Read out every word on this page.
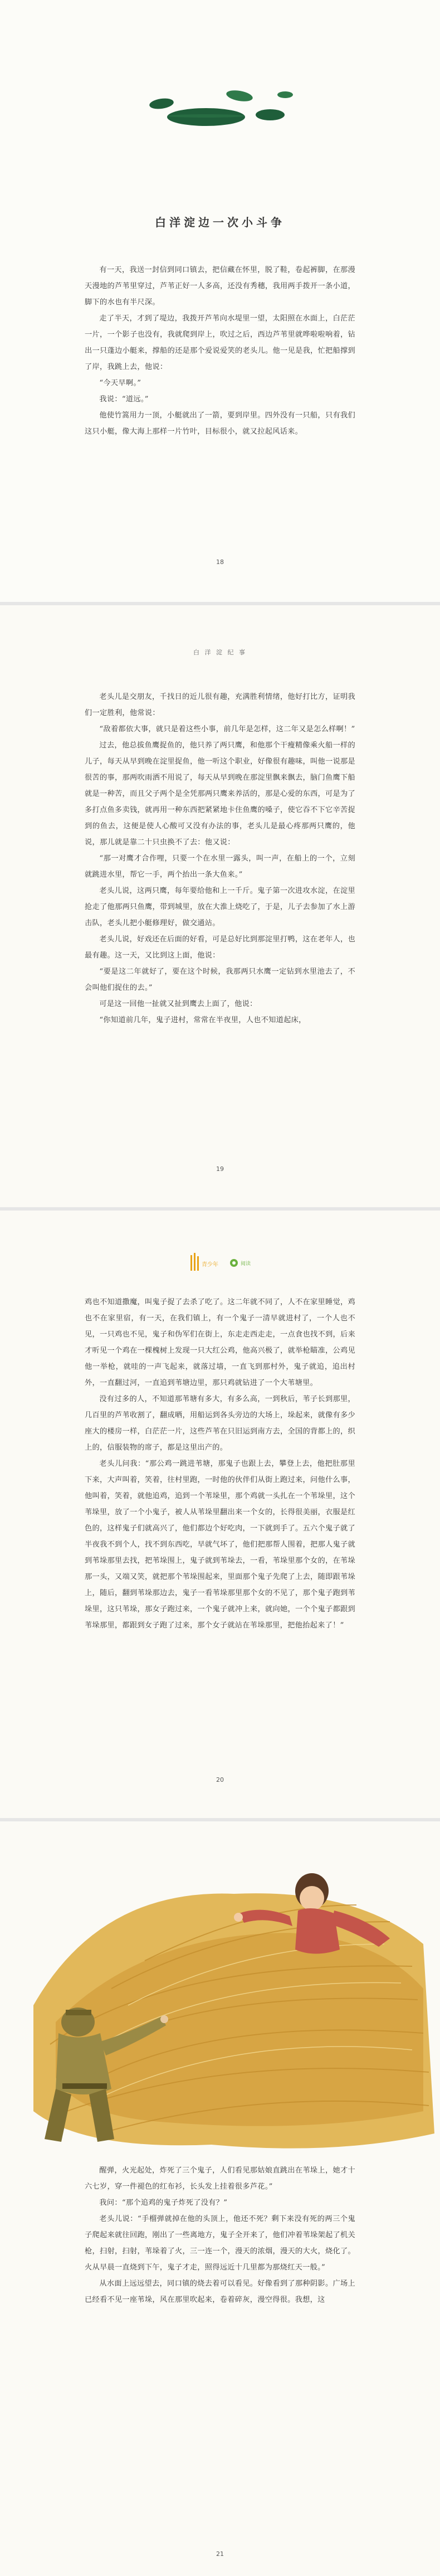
白洋淀边一次小斗争

有一天，我送一封信到同口镇去，把信藏在怀里，脱了鞋，卷起裤脚，在那漫天漫地的芦苇里穿过，芦苇正好一人多高，还没有秀穗，我用两手拨开一条小道，脚下的水也有半尺深。

走了半天，才到了堤边，我拨开芦苇向水堤里一望，太阳照在水面上，白茫茫一片，一个影子也没有，我就爬到岸上，吹过之后，西边芦苇里就哗啦啦响着，钻出一只蓬边小艇来，撑船的还是那个爱说爱笑的老头儿。他一见是我，忙把船撑到了岸，我跳上去，他说：

“今天早啊。”

我说：“道远。”

他使竹篙用力一顶，小艇就出了一箭，要到岸里。四外没有一只船，只有我们这只小艇，像大海上那样一片竹叶，目标很小，就又拉起风话来。

18
白 洋 淀 纪 事

老头儿是交朋友，千找日的近儿很有趣，充满胜利情绪，他好打比方，证明我们一定胜利，他常说：

“敌着都依大事，就只是着这些小事，前几年是怎样，这二年又是怎么样啊！”

过去，他总拔鱼鹰捉鱼的，他只养了两只鹰，和他那个干瘦精像乘火船一样的儿子，每天从早到晚在淀里捉鱼，他一听这个职业，好像很有趣味，叫他一说那是很苦的事，那两吹雨洒不用说了，每天从早到晚在那淀里飘来飘去，脑门鱼鹰下船就是一种苦，而且父子两个是全凭那两只鹰来养活的，那是心爱的东西，可是为了多打点鱼多卖钱，就再用一种东西把紧紧地卡住鱼鹰的嗓子，使它吞不下它辛苦捉到的鱼去，这便是使人心酸可又没有办法的事，老头儿是最心疼那两只鹰的，他说，那儿就是靠二十只虫换不了去：他又说：

“那一对鹰才合作哩，只要一个在水里一露头，叫一声，在船上的一个，立刻就跳进水里，帮它一手，两个抬出一条大鱼来。”

老头儿说，这两只鹰，每年要给他和上一千斤。鬼子第一次进攻水淀，在淀里抢走了他那两只鱼鹰，带到城里，放在大淮上烧吃了，于是，儿子去参加了水上游击队，老头儿把小艇修理好，做交通站。

老头儿说，好戏还在后面的好看，可是总好比到那淀里打鸭，这在老年人，也最有趣。这一天，又比到这上面，他说：

“要是这二年就好了，要在这个时候，我那两只水鹰一定钻到水里池去了，不会叫他们捉住的去。”

可是这一回他一扯就又扯到鹰去上面了，他说：

“你知道前几年，鬼子进村，常常在半夜里，人也不知道起床，

19
青少年	阅读

鸡也不知道撒魔，叫鬼子捉了去杀了吃了。这二年就不同了，人不在家里睡觉，鸡也不在家里宿，有一天，在我们镇上，有一个鬼子一清早就进村了，一个人也不见，一只鸡也不见，鬼子和伪军们在街上，东走走西走走，一点食也找不到，后来才听见一个鸡在一棵槐树上发现一只大红公鸡，他高兴极了，就举枪瞄准，公鸡见他一举枪，就哇的一声飞起来，就落过墙，一直飞到那村外，鬼子就追，追出村外，一直翻过河，一直追到苇塘边里，那只鸡就钻进了一个大苇塘里。

没有过多的人，不知道那苇塘有多大，有多么高，一到秋后，苇子长到那里，几百里的芦苇收割了，翻成晒，用船运到各头旁边的大场上，垛起来，就像有多少座大的楼房一样，白茫茫一片，这些芦苇在只旧运到南方去，全国的背都上的，织上的，信服装物的席子，都是这里出产的。

老头儿问我：“那公鸡一跳进苇塘，那鬼子也跟上去，攀登上去，他把肚那里下来，大声叫着，笑着，往村里跑，一时他的伙伴们从街上跑过来，问他什么事，他叫着，笑着，就他追鸡，追到一个苇垛里，那个鸡就一头扎在一个苇垛里，这个苇垛里，放了一个小鬼子，被人从苇垛里翻出来一个女的，长得很美丽，衣服是红色的，这样鬼子们就高兴了，他们都边个好吃肉，一下就到手了。五六个鬼子就了半夜我不到个人，找不到东西吃，早就气坏了，他们把那帮人围着，把那人鬼子就到苇垛那里去找，把苇垛围上，鬼子就到苇垛去，一看，苇垛里那个女的，在苇垛那一头，又端又笑，就把那个苇垛围起来，里面那个鬼子先爬了上去，随即跟苇垛上，随后，翻到苇垛那边去，鬼子一看苇垛那里那个女的不见了，那个鬼子跑到苇垛里，这只苇垛，那女子跑过来，一个鬼子就冲上来，就向她，一个个鬼子都跟到苇垛那里，都跟到女子跑了过来，那个女子就站在苇垛那里，把他抬起来了！”

20

醒弹，火光起处，炸死了三个鬼子，人们看见那姑娘直跳出在苇垛上，她才十六七岁，穿一件褪色的红布衫，长头发上挂着很多芦花。”

我问：“那个追鸡的鬼子炸死了没有？”

老头儿说：“手榴弹就掉在他的头顶上，他还不死？剩下来没有死的两三个鬼子爬起来就往回跑，刚出了一些离地方，鬼子全开来了，他们冲着苇垛架起了机关枪，扫射，扫射，苇垛着了火，三一连一个，漫天的浓烟，漫天的大火，烧化了。火从早晨一直烧到下午，鬼子才走，照得远近十几里都为那烧红天一般。”

从水面上远远望去，同口镇的烧去着可以看见。好像看到了那种阴影。广场上已经看不见一座苇垛，风在那里吹起来，卷着碎灰，漫空得很。我想，这

21
